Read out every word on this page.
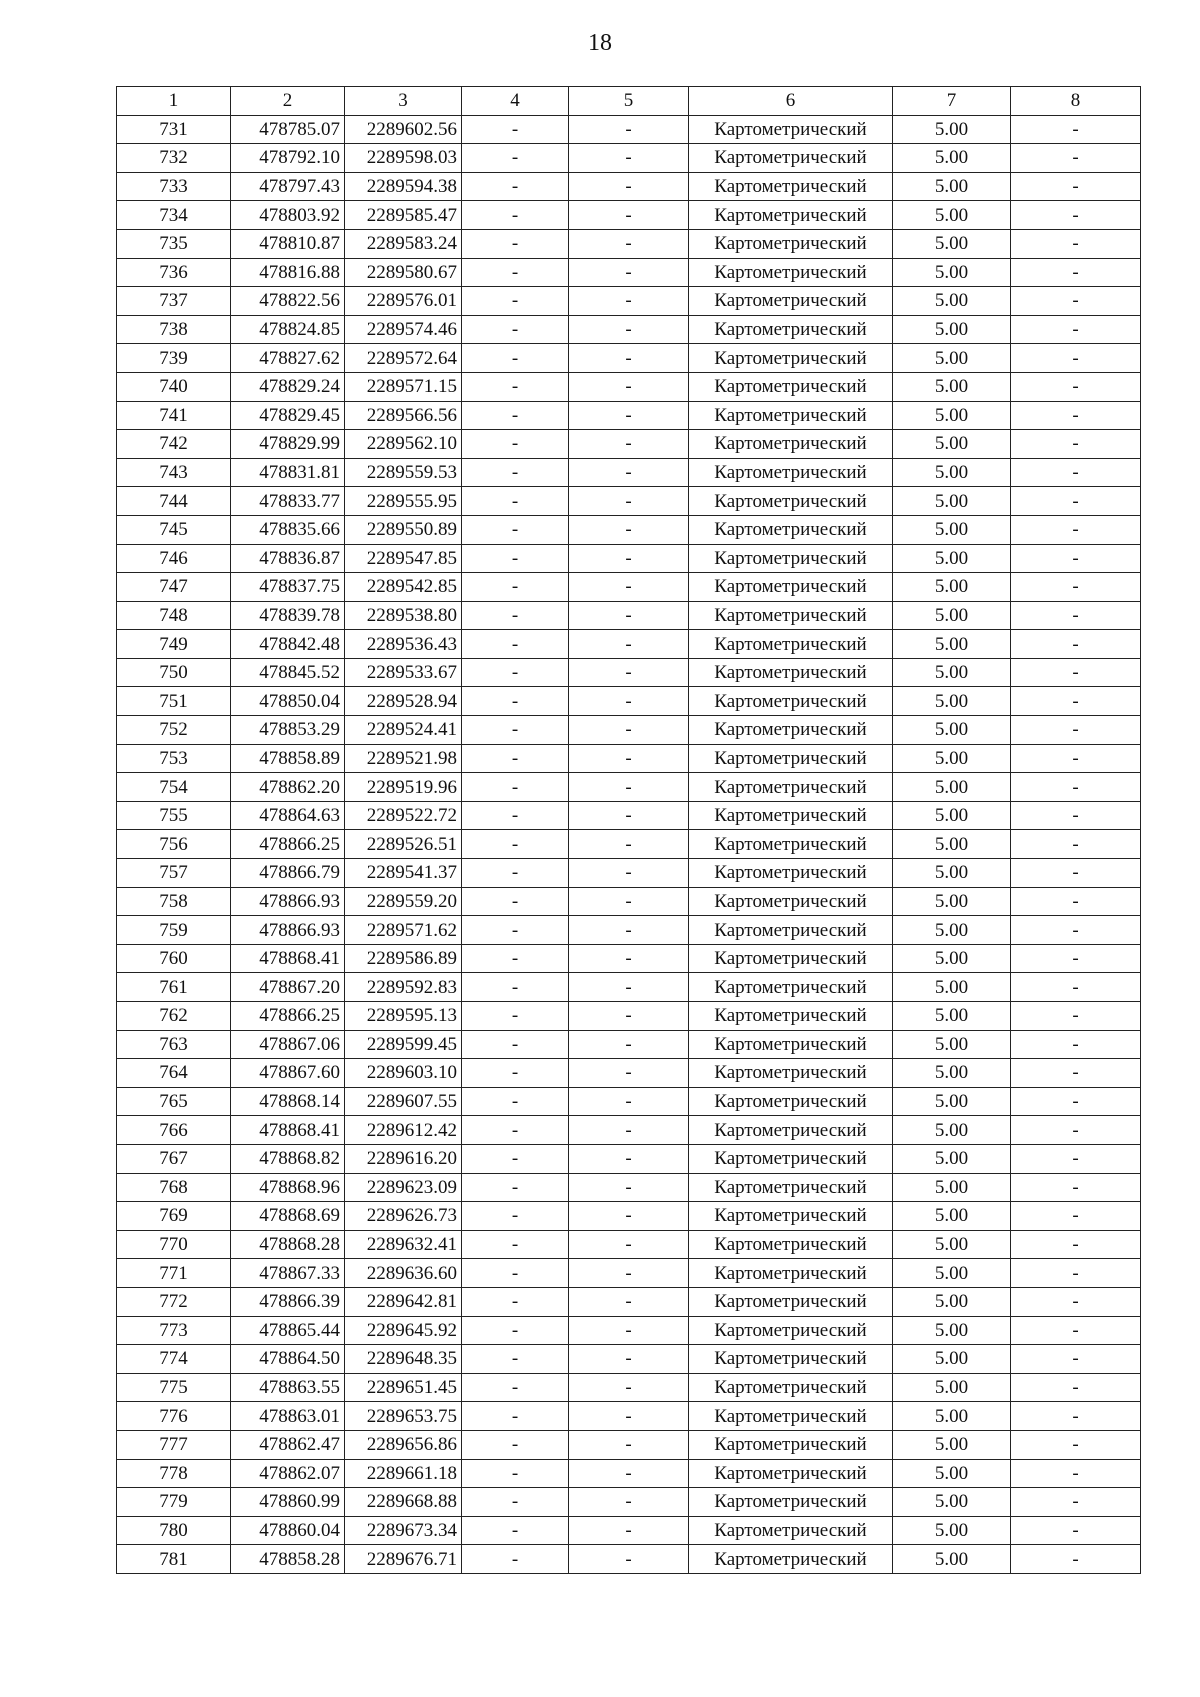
18
1	2	3	4	5	6	7	8
731	478785.07	2289602.56	-	-	Картометрический	5.00	-
732	478792.10	2289598.03	-	-	Картометрический	5.00	-
733	478797.43	2289594.38	-	-	Картометрический	5.00	-
734	478803.92	2289585.47	-	-	Картометрический	5.00	-
735	478810.87	2289583.24	-	-	Картометрический	5.00	-
736	478816.88	2289580.67	-	-	Картометрический	5.00	-
737	478822.56	2289576.01	-	-	Картометрический	5.00	-
738	478824.85	2289574.46	-	-	Картометрический	5.00	-
739	478827.62	2289572.64	-	-	Картометрический	5.00	-
740	478829.24	2289571.15	-	-	Картометрический	5.00	-
741	478829.45	2289566.56	-	-	Картометрический	5.00	-
742	478829.99	2289562.10	-	-	Картометрический	5.00	-
743	478831.81	2289559.53	-	-	Картометрический	5.00	-
744	478833.77	2289555.95	-	-	Картометрический	5.00	-
745	478835.66	2289550.89	-	-	Картометрический	5.00	-
746	478836.87	2289547.85	-	-	Картометрический	5.00	-
747	478837.75	2289542.85	-	-	Картометрический	5.00	-
748	478839.78	2289538.80	-	-	Картометрический	5.00	-
749	478842.48	2289536.43	-	-	Картометрический	5.00	-
750	478845.52	2289533.67	-	-	Картометрический	5.00	-
751	478850.04	2289528.94	-	-	Картометрический	5.00	-
752	478853.29	2289524.41	-	-	Картометрический	5.00	-
753	478858.89	2289521.98	-	-	Картометрический	5.00	-
754	478862.20	2289519.96	-	-	Картометрический	5.00	-
755	478864.63	2289522.72	-	-	Картометрический	5.00	-
756	478866.25	2289526.51	-	-	Картометрический	5.00	-
757	478866.79	2289541.37	-	-	Картометрический	5.00	-
758	478866.93	2289559.20	-	-	Картометрический	5.00	-
759	478866.93	2289571.62	-	-	Картометрический	5.00	-
760	478868.41	2289586.89	-	-	Картометрический	5.00	-
761	478867.20	2289592.83	-	-	Картометрический	5.00	-
762	478866.25	2289595.13	-	-	Картометрический	5.00	-
763	478867.06	2289599.45	-	-	Картометрический	5.00	-
764	478867.60	2289603.10	-	-	Картометрический	5.00	-
765	478868.14	2289607.55	-	-	Картометрический	5.00	-
766	478868.41	2289612.42	-	-	Картометрический	5.00	-
767	478868.82	2289616.20	-	-	Картометрический	5.00	-
768	478868.96	2289623.09	-	-	Картометрический	5.00	-
769	478868.69	2289626.73	-	-	Картометрический	5.00	-
770	478868.28	2289632.41	-	-	Картометрический	5.00	-
771	478867.33	2289636.60	-	-	Картометрический	5.00	-
772	478866.39	2289642.81	-	-	Картометрический	5.00	-
773	478865.44	2289645.92	-	-	Картометрический	5.00	-
774	478864.50	2289648.35	-	-	Картометрический	5.00	-
775	478863.55	2289651.45	-	-	Картометрический	5.00	-
776	478863.01	2289653.75	-	-	Картометрический	5.00	-
777	478862.47	2289656.86	-	-	Картометрический	5.00	-
778	478862.07	2289661.18	-	-	Картометрический	5.00	-
779	478860.99	2289668.88	-	-	Картометрический	5.00	-
780	478860.04	2289673.34	-	-	Картометрический	5.00	-
781	478858.28	2289676.71	-	-	Картометрический	5.00	-
